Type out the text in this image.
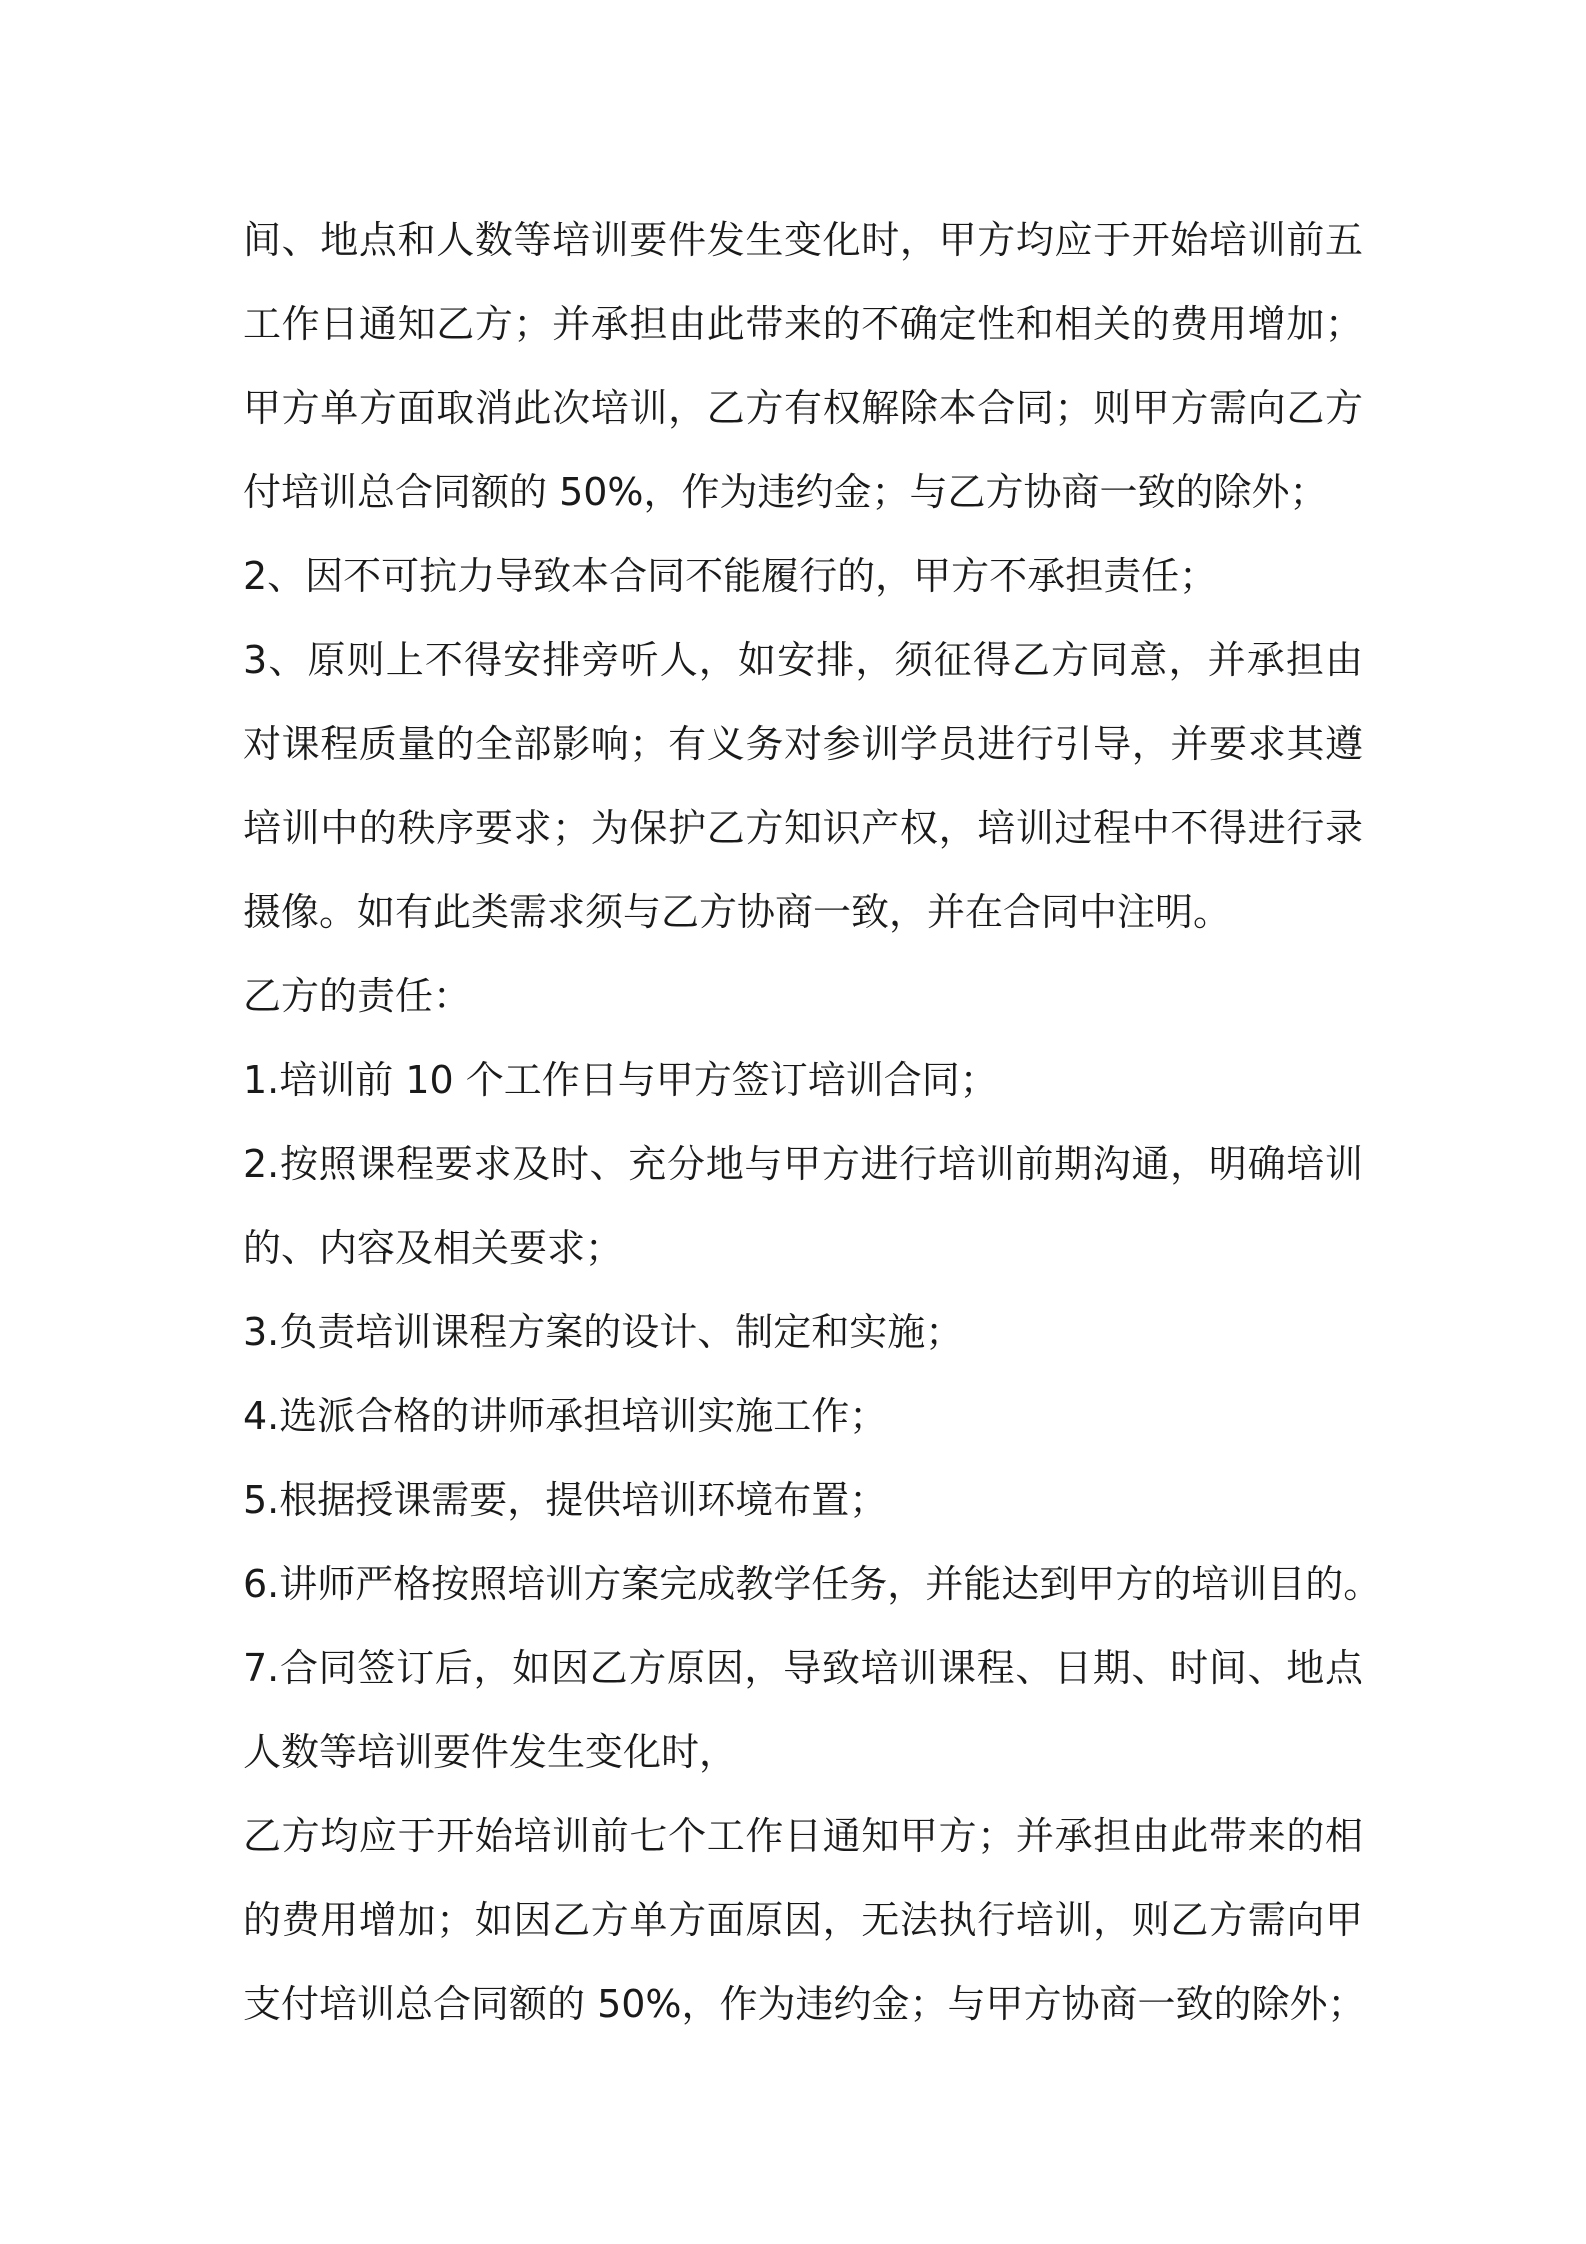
间、地点和人数等培训要件发生变化时，甲方均应于开始培训前五
工作日通知乙方；并承担由此带来的不确定性和相关的费用增加；
甲方单方面取消此次培训，乙方有权解除本合同；则甲方需向乙方
付培训总合同额的 50%，作为违约金；与乙方协商一致的除外；
2、因不可抗力导致本合同不能履行的，甲方不承担责任；
3、原则上不得安排旁听人，如安排，须征得乙方同意，并承担由
对课程质量的全部影响；有义务对参训学员进行引导，并要求其遵
培训中的秩序要求；为保护乙方知识产权，培训过程中不得进行录
摄像。如有此类需求须与乙方协商一致，并在合同中注明。
乙方的责任：
1.培训前 10 个工作日与甲方签订培训合同；
2.按照课程要求及时、充分地与甲方进行培训前期沟通，明确培训
的、内容及相关要求；
3.负责培训课程方案的设计、制定和实施；
4.选派合格的讲师承担培训实施工作；
5.根据授课需要，提供培训环境布置；
6.讲师严格按照培训方案完成教学任务，并能达到甲方的培训目的。
7.合同签订后，如因乙方原因，导致培训课程、日期、时间、地点
人数等培训要件发生变化时，
乙方均应于开始培训前七个工作日通知甲方；并承担由此带来的相
的费用增加；如因乙方单方面原因，无法执行培训，则乙方需向甲
支付培训总合同额的 50%，作为违约金；与甲方协商一致的除外；
